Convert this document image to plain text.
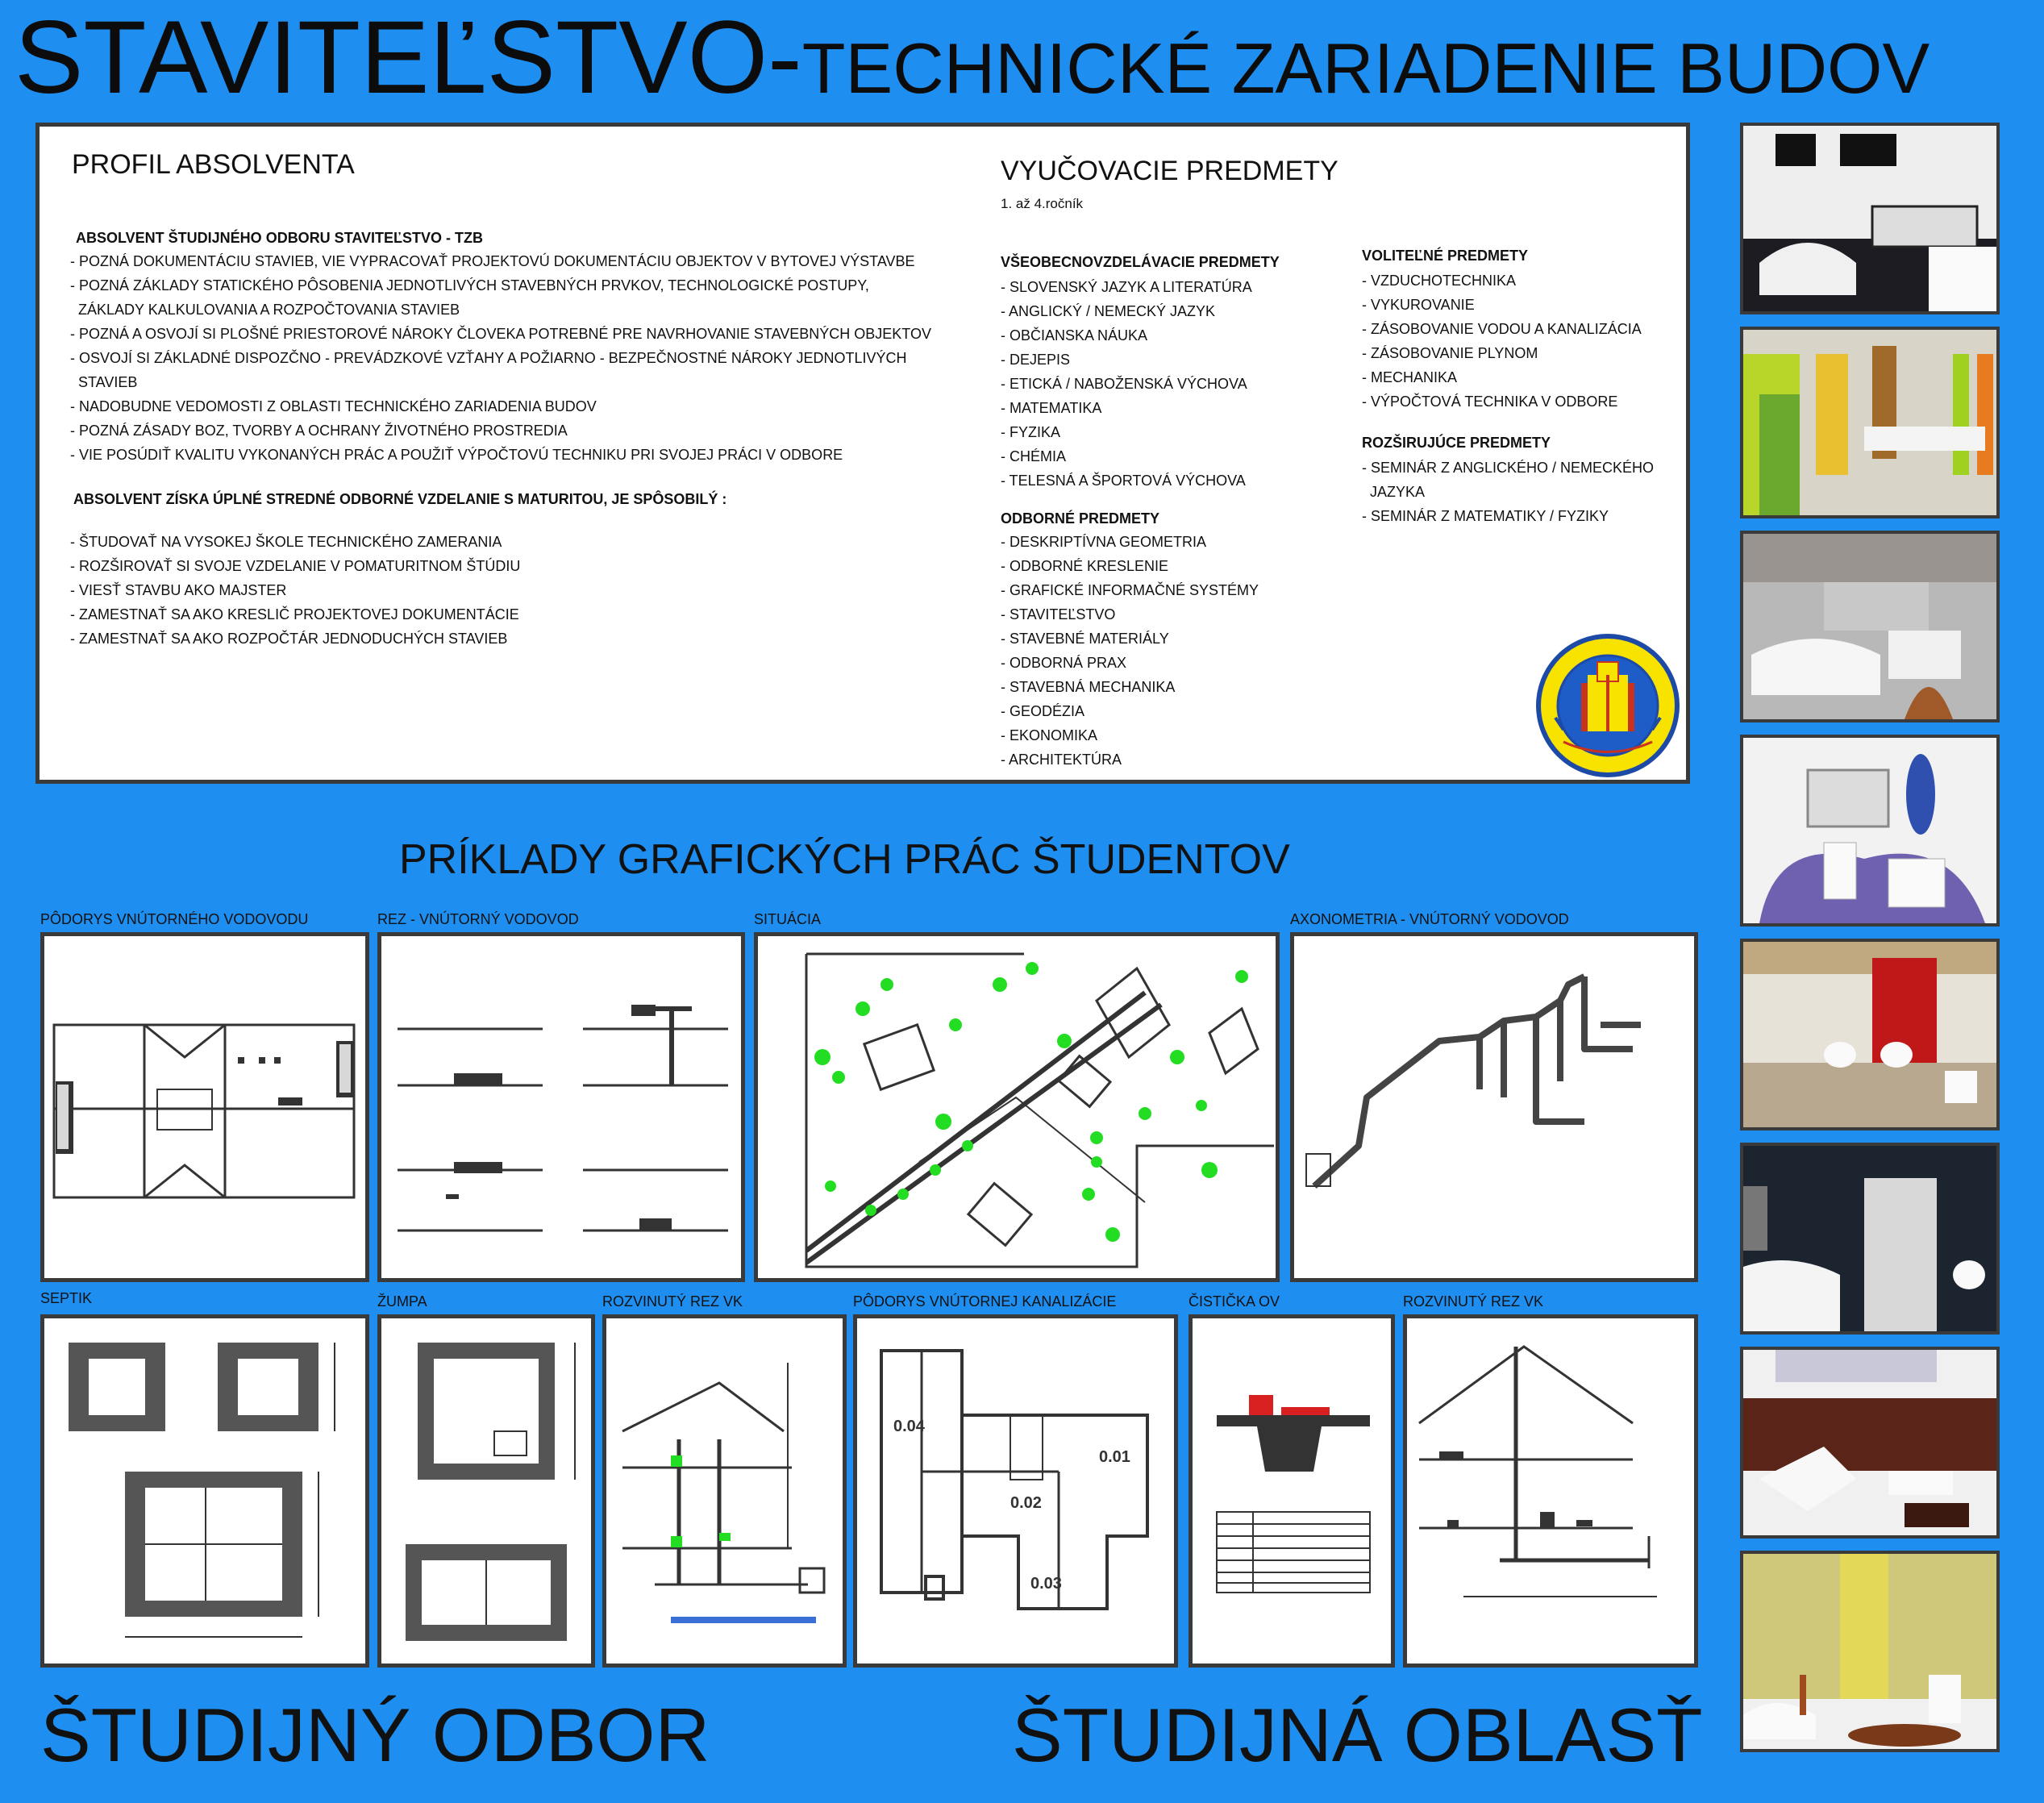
STAVITEĽSTVO-TECHNICKÉ ZARIADENIE BUDOV
PROFIL ABSOLVENTA
ABSOLVENT ŠTUDIJNÉHO ODBORU STAVITEĽSTVO - TZB
- POZNÁ DOKUMENTÁCIU STAVIEB, VIE VYPRACOVAŤ PROJEKTOVÚ DOKUMENTÁCIU OBJEKTOV V BYTOVEJ VÝSTAVBE
- POZNÁ ZÁKLADY STATICKÉHO PÔSOBENIA JEDNOTLIVÝCH STAVEBNÝCH PRVKOV, TECHNOLOGICKÉ POSTUPY,
ZÁKLADY KALKULOVANIA A ROZPOČTOVANIA STAVIEB
- POZNÁ A OSVOJÍ SI PLOŠNÉ PRIESTOROVÉ NÁROKY ČLOVEKA POTREBNÉ PRE NAVRHOVANIE STAVEBNÝCH OBJEKTOV
- OSVOJÍ SI ZÁKLADNÉ DISPOZČNO - PREVÁDZKOVÉ VZŤAHY A POŽIARNO - BEZPEČNOSTNÉ NÁROKY JEDNOTLIVÝCH
STAVIEB
- NADOBUDNE VEDOMOSTI Z OBLASTI TECHNICKÉHO ZARIADENIA BUDOV
- POZNÁ ZÁSADY BOZ, TVORBY A OCHRANY ŽIVOTNÉHO PROSTREDIA
- VIE POSÚDIŤ KVALITU VYKONANÝCH PRÁC A POUŽIŤ VÝPOČTOVÚ TECHNIKU PRI SVOJEJ PRÁCI V ODBORE
ABSOLVENT ZÍSKA ÚPLNÉ STREDNÉ ODBORNÉ VZDELANIE S MATURITOU, JE SPÔSOBILÝ :
- ŠTUDOVAŤ NA VYSOKEJ ŠKOLE TECHNICKÉHO ZAMERANIA
- ROZŠIROVAŤ SI SVOJE VZDELANIE V POMATURITNOM ŠTÚDIU
- VIESŤ STAVBU AKO MAJSTER
- ZAMESTNAŤ SA AKO KRESLIČ PROJEKTOVEJ DOKUMENTÁCIE
- ZAMESTNAŤ SA AKO ROZPOČTÁR JEDNODUCHÝCH STAVIEB
VYUČOVACIE PREDMETY
1. až 4.ročník
VŠEOBECNOVZDELÁVACIE PREDMETY
- SLOVENSKÝ JAZYK A LITERATÚRA
- ANGLICKÝ / NEMECKÝ JAZYK
- OBČIANSKA NÁUKA
- DEJEPIS
- ETICKÁ / NABOŽENSKÁ VÝCHOVA
- MATEMATIKA
- FYZIKA
- CHÉMIA
- TELESNÁ A ŠPORTOVÁ VÝCHOVA
ODBORNÉ PREDMETY
- DESKRIPTÍVNA GEOMETRIA
- ODBORNÉ KRESLENIE
- GRAFICKÉ INFORMAČNÉ SYSTÉMY
- STAVITEĽSTVO
- STAVEBNÉ MATERIÁLY
- ODBORNÁ PRAX
- STAVEBNÁ MECHANIKA
- GEODÉZIA
- EKONOMIKA
- ARCHITEKTÚRA
VOLITEĽNÉ PREDMETY
- VZDUCHOTECHNIKA
- VYKUROVANIE
- ZÁSOBOVANIE VODOU A KANALIZÁCIA
- ZÁSOBOVANIE PLYNOM
- MECHANIKA
- VÝPOČTOVÁ TECHNIKA V ODBORE
ROZŠIRUJÚCE PREDMETY
- SEMINÁR Z ANGLICKÉHO / NEMECKÉHO
JAZYKA
- SEMINÁR Z MATEMATIKY / FYZIKY
PRÍKLADY GRAFICKÝCH PRÁC ŠTUDENTOV
PÔDORYS VNÚTORNÉHO VODOVODU	REZ - VNÚTORNÝ VODOVOD	SITUÁCIA	AXONOMETRIA - VNÚTORNÝ VODOVOD
SEPTIK	ŽUMPA	ROZVINUTÝ REZ VK	PÔDORYS VNÚTORNEJ KANALIZÁCIE	ČISTIČKA OV	ROZVINUTÝ REZ VK
0.04
0.01
0.02
0.03
ŠTUDIJNÝ ODBOR	ŠTUDIJNÁ OBLASŤ
